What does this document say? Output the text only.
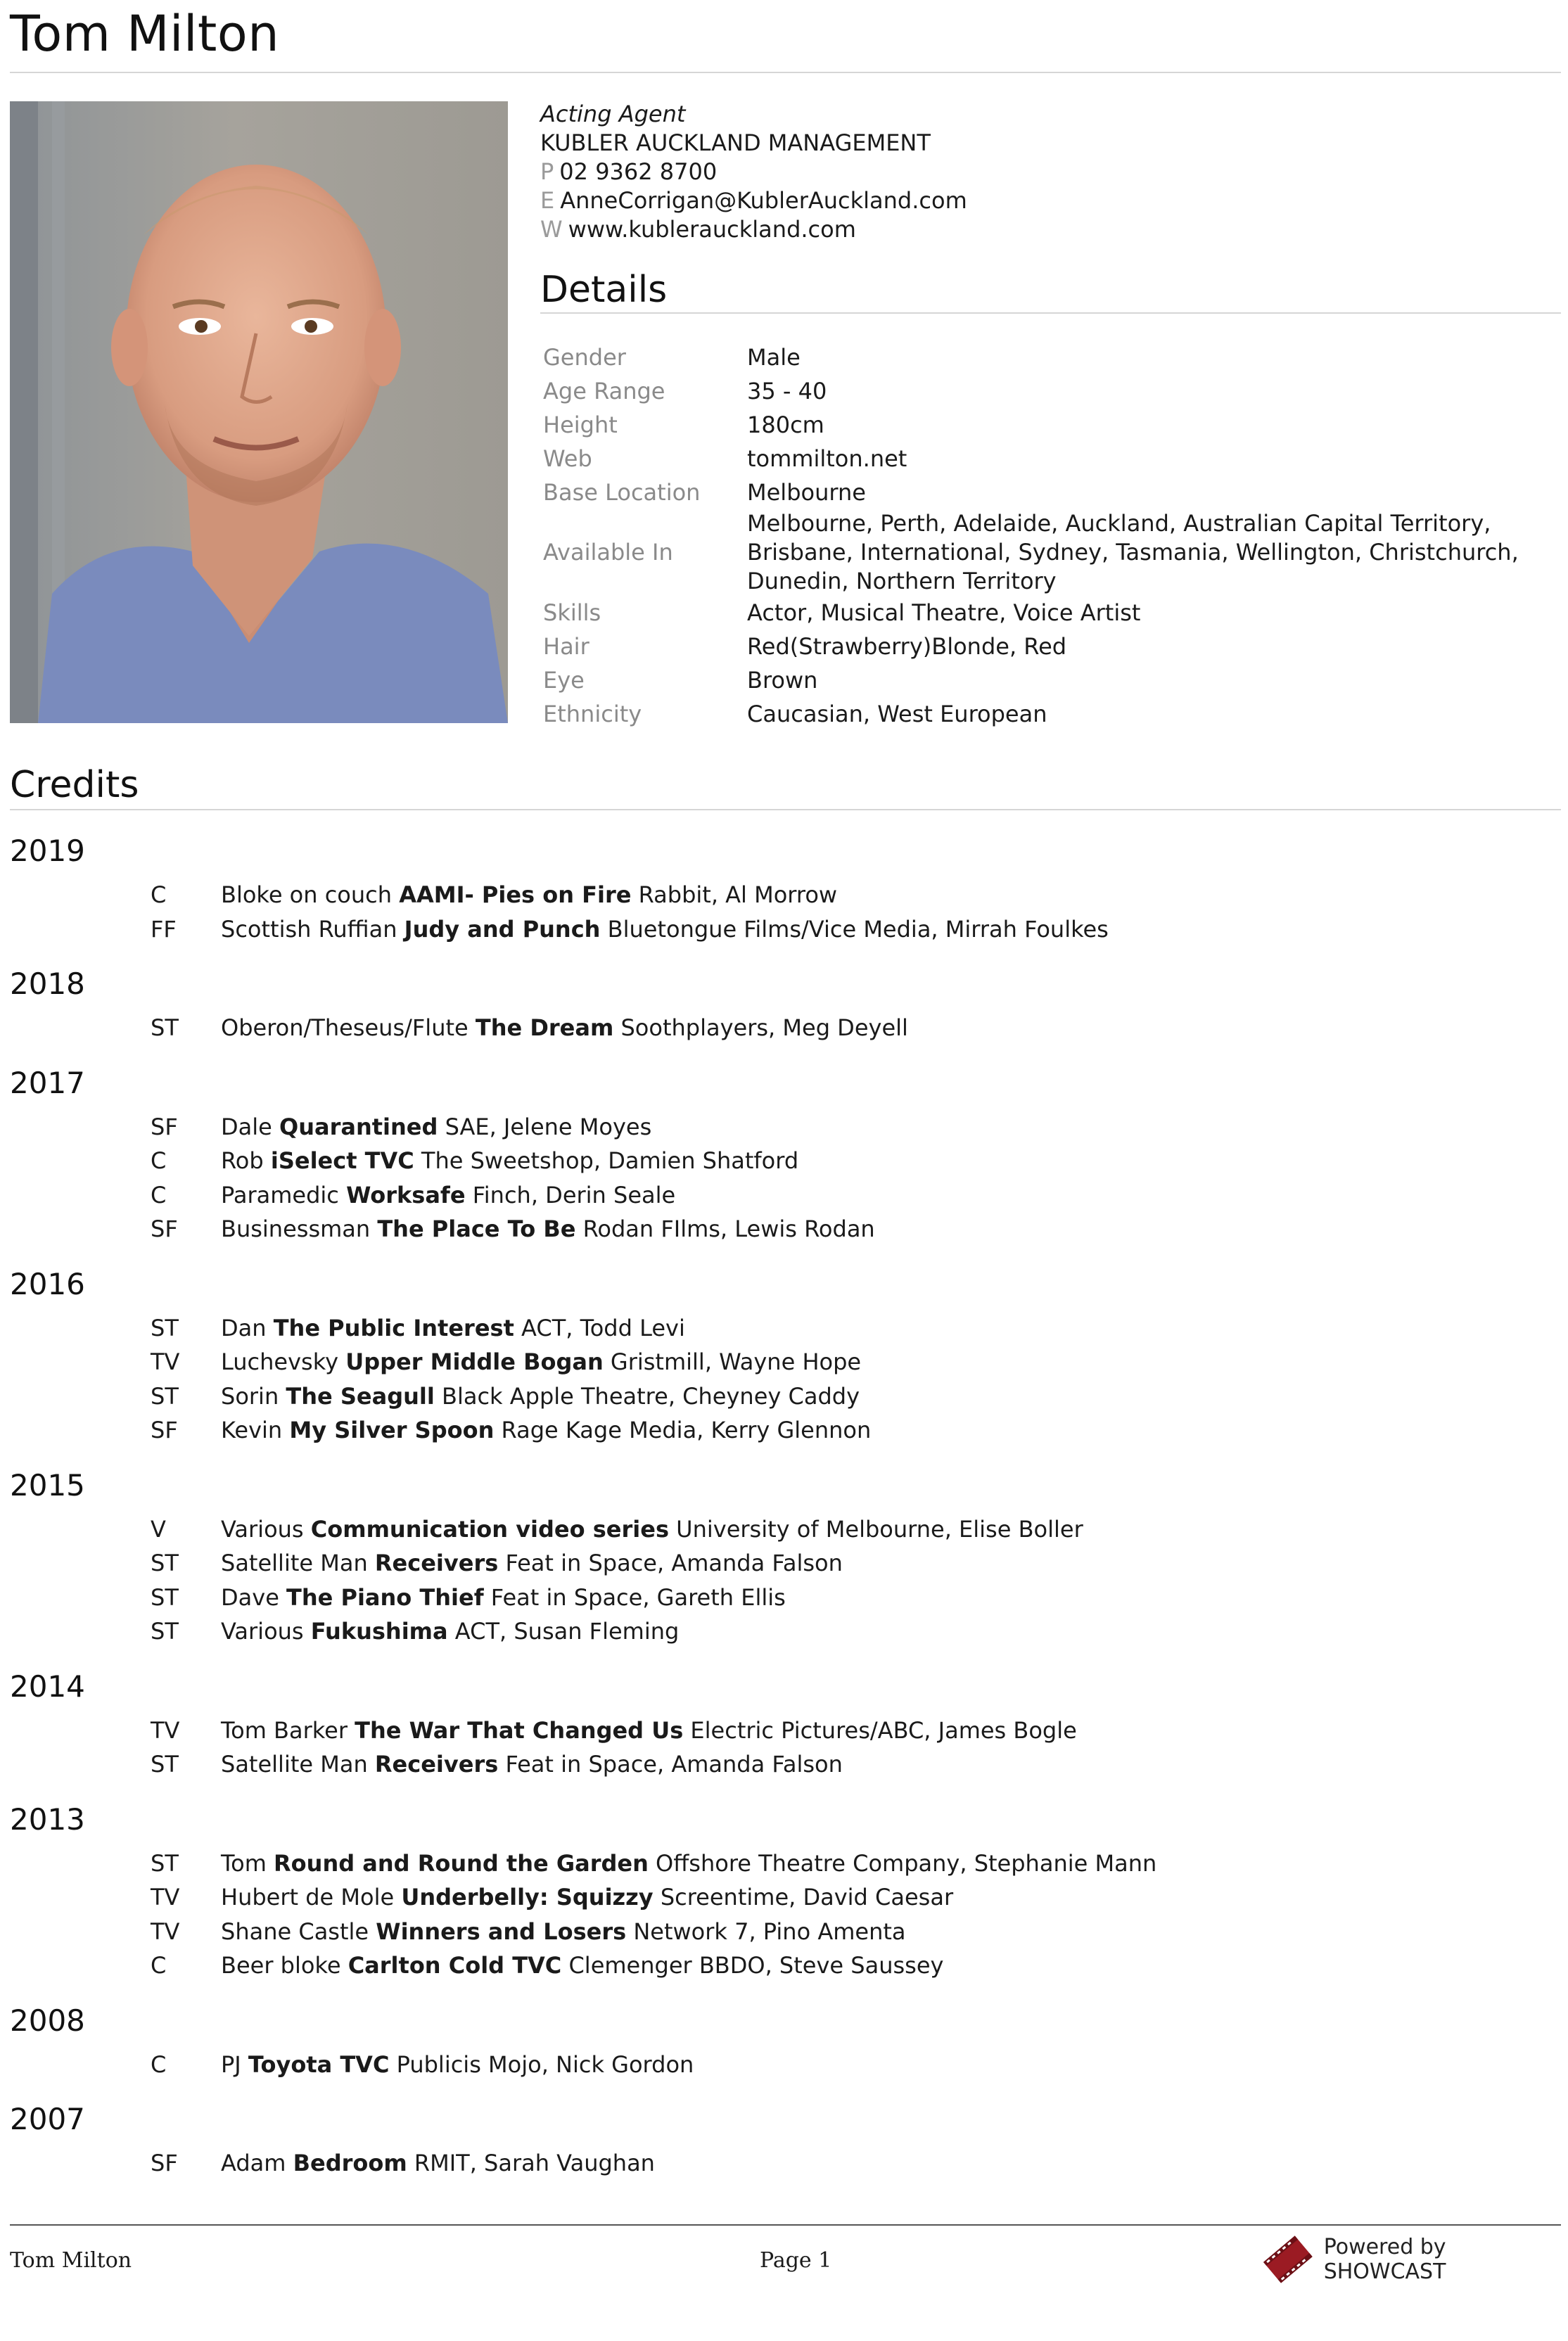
Tom Milton
Acting Agent
KUBLER AUCKLAND MANAGEMENT
P 02 9362 8700
E AnneCorrigan@KublerAuckland.com
W www.kublerauckland.com
Details
Gender	Male
Age Range	35 - 40
Height	180cm
Web	tommilton.net
Base Location	Melbourne
Available In	Melbourne, Perth, Adelaide, Auckland, Australian Capital Territory, Brisbane, International, Sydney, Tasmania, Wellington, Christchurch, Dunedin, Northern Territory
Skills	Actor, Musical Theatre, Voice Artist
Hair	Red(Strawberry)Blonde, Red
Eye	Brown
Ethnicity	Caucasian, West European
Credits
2019
C	Bloke on couch AAMI- Pies on Fire Rabbit, Al Morrow
FF	Scottish Ruffian Judy and Punch Bluetongue Films/Vice Media, Mirrah Foulkes
2018
ST	Oberon/Theseus/Flute The Dream Soothplayers, Meg Deyell
2017
SF	Dale Quarantined SAE, Jelene Moyes
C	Rob iSelect TVC The Sweetshop, Damien Shatford
C	Paramedic Worksafe Finch, Derin Seale
SF	Businessman The Place To Be Rodan FIlms, Lewis Rodan
2016
ST	Dan The Public Interest ACT, Todd Levi
TV	Luchevsky Upper Middle Bogan Gristmill, Wayne Hope
ST	Sorin The Seagull Black Apple Theatre, Cheyney Caddy
SF	Kevin My Silver Spoon Rage Kage Media, Kerry Glennon
2015
V	Various Communication video series University of Melbourne, Elise Boller
ST	Satellite Man Receivers Feat in Space, Amanda Falson
ST	Dave The Piano Thief Feat in Space, Gareth Ellis
ST	Various Fukushima ACT, Susan Fleming
2014
TV	Tom Barker The War That Changed Us Electric Pictures/ABC, James Bogle
ST	Satellite Man Receivers Feat in Space, Amanda Falson
2013
ST	Tom Round and Round the Garden Offshore Theatre Company, Stephanie Mann
TV	Hubert de Mole Underbelly: Squizzy Screentime, David Caesar
TV	Shane Castle Winners and Losers Network 7, Pino Amenta
C	Beer bloke Carlton Cold TVC Clemenger BBDO, Steve Saussey
2008
C	PJ Toyota TVC Publicis Mojo, Nick Gordon
2007
SF	Adam Bedroom RMIT, Sarah Vaughan
Tom Milton	Page 1
Powered by SHOWCAST
